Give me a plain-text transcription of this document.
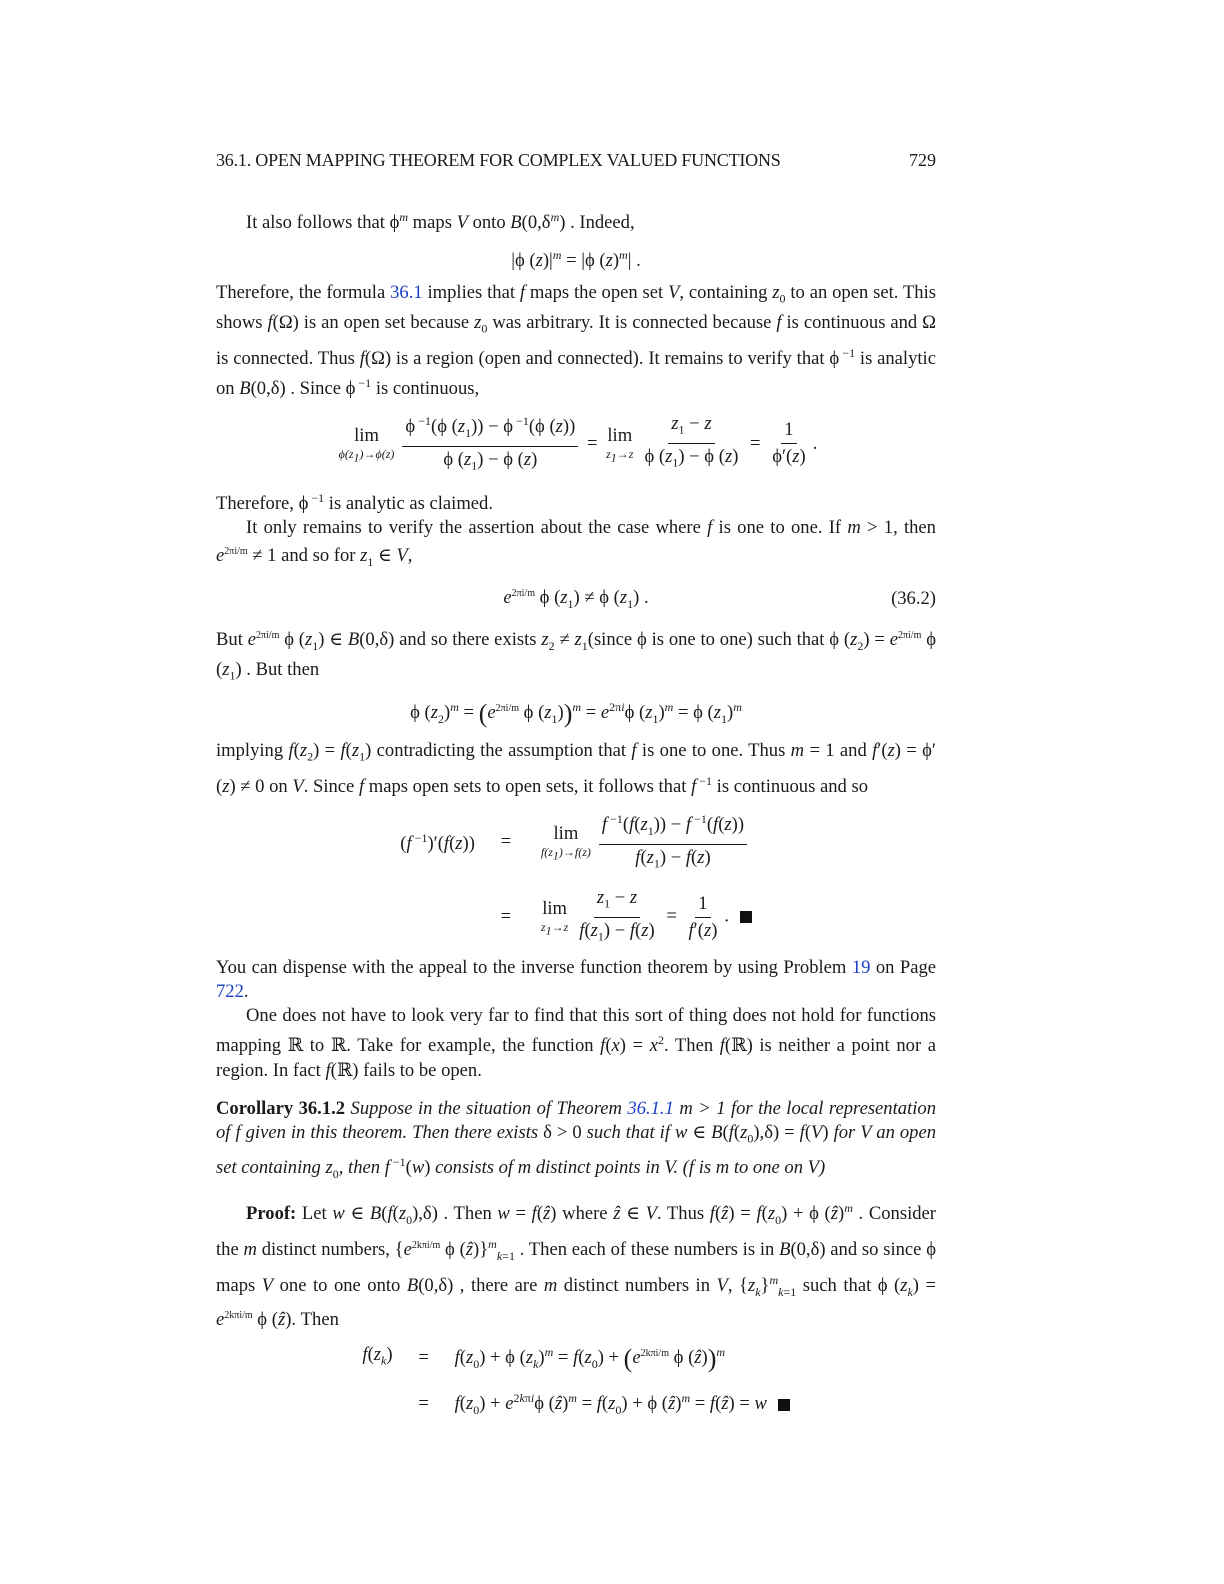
36.1. OPEN MAPPING THEOREM FOR COMPLEX VALUED FUNCTIONS	729

It also follows that $\phi^m$ maps V onto $B(0,\delta^m)$ . Indeed,

|ϕ $(z)|^m = |\phi$ $(z)^m|$ .

Therefore, the formula 36.1 implies that f maps the open set V, containing $z_0$ to an open set. This shows f(Ω) is an open set because $z_0$ was arbitrary. It is connected because f is continuous and Ω is connected. Thus f(Ω) is a region (open and connected). It remains to verify that ϕ $^{-1}$ is analytic on B(0,δ) . Since ϕ $^{-1}$ is continuous,

lim
$\phi(z_1)\to\phi(z) \frac{\phi ^{-1}(\phi (z_1)) - \phi ^{-1}(\phi (z))}{\phi (z_1) - \phi (z)} = \lim$
$z_1\to z \frac{z_1 - z}{\phi (z_1) - \phi (z)} = \frac{1}{\phi'(z)}$ .

Therefore, ϕ $^{-1}$ is analytic as claimed.

It only remains to verify the assertion about the case where f is one to one. If m > 1, then $e^{2\pi i/m} \ne 1$ and so for $z_1$ ∈ V,

$e^{2\pi i/m}$ ϕ $(z_1) \ne \phi$ $(z_1)$ .	(36.2)

But $e^{2\pi i/m}$ ϕ $(z_1)$ ∈ B(0,δ) and so there exists $z_2$ ≠ $z_1(since$ ϕ is one to one) such that ϕ $(z_2) = e^{2\pi i/m}$ ϕ $(z_1)$ . But then

ϕ $(z_2)^m = (e^{2\pi i/m}$ ϕ $(z_1))^m = e^{2\pi i}\phi$ $(z_1)^m = \phi$ $(z_1)^m$

implying $f(z_2) = f(z_1)$ contradicting the assumption that f is one to one. Thus m = 1 and f′(z) = ϕ′(z) ≠ 0 on V. Since f maps open sets to open sets, it follows that f $^{-1}$ is continuous and so

(f $^{-1}$)′(f(z))	=	lim
$f(z_1)\to f(z) \frac{f ^{-1}(f(z_1)) - f ^{-1}(f(z))}{f(z_1) - f(z)}$
=	lim
$z_1\to z \frac{z_1 - z}{f(z_1) - f(z)} = \frac{1}{f'(z)}$ .

You can dispense with the appeal to the inverse function theorem by using Problem 19 on Page 722.

One does not have to look very far to find that this sort of thing does not hold for functions mapping ℝ to ℝ. Take for example, the function $f(x) = x^2$. Then f(ℝ) is neither a point nor a region. In fact f(ℝ) fails to be open.

Corollary 36.1.2 Suppose in the situation of Theorem 36.1.1 m > 1 for the local representation of f given in this theorem. Then there exists δ > 0 such that if w ∈ $B(f(z_0),\delta) = f(V)$ for V an open set containing $z_0$, then f $^{-1}$(w) consists of m distinct points in V. (f is m to one on V)

Proof: Let w ∈ $B(f(z_0),\delta)$ . Then w = f(ẑ) where ẑ ∈ V. Thus f(ẑ) = $f(z_0) + \phi$ (ẑ)$^m$ . Consider the m distinct numbers, {$e^{2k\pi i/m}$ ϕ (ẑ)}$^m_{k=1}$ . Then each of these numbers is in B(0,δ) and so since ϕ maps V one to one onto B(0,δ) , there are m distinct numbers in V, $\{z_k\}^m_{k=1}$ such that ϕ $(z_k) = e^{2k\pi i/m}$ ϕ (ẑ). Then

$f(z_k)$	=	$f(z_0) + \phi$ $(z_k)^m = f(z_0) + (e^{2k\pi i/m}$ ϕ (ẑ))$^m$
=	$f(z_0) + e^{2k\pi i}\phi$ (ẑ)$^m$ = $f(z_0) + \phi$ (ẑ)$^m$ = f(ẑ) = w
